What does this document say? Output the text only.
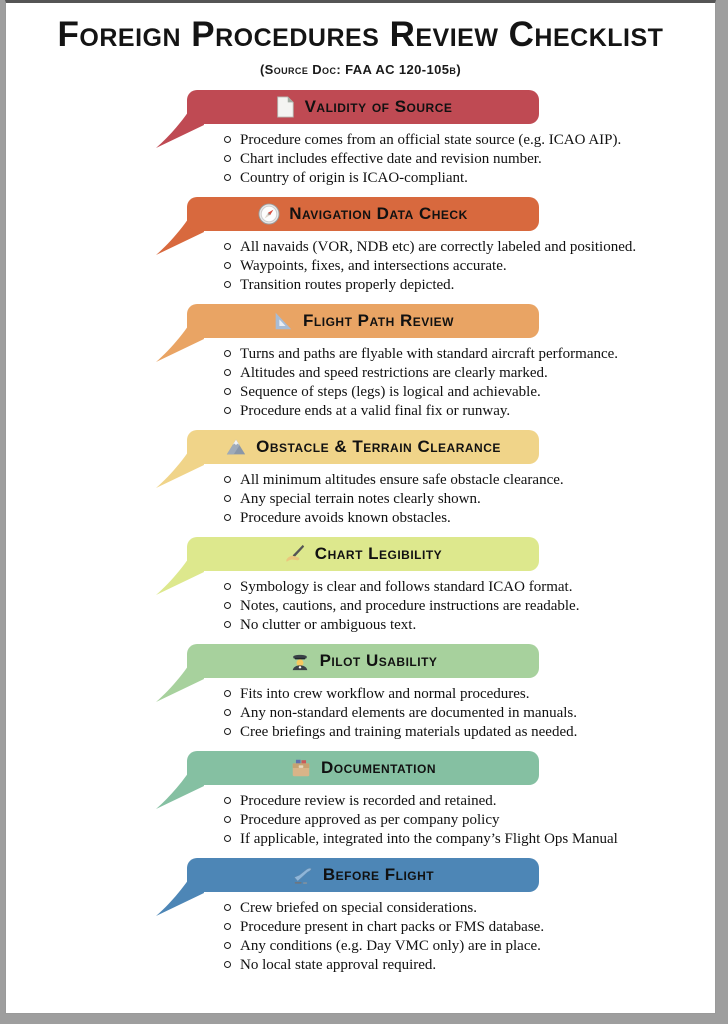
Foreign Procedures Review Checklist
(Source Doc: FAA AC 120-105b)
Validity of Source
Procedure comes from an official state source (e.g. ICAO AIP).
Chart includes effective date and revision number.
Country of origin is ICAO-compliant.
Navigation Data Check
All navaids (VOR, NDB etc) are correctly labeled and positioned.
Waypoints, fixes, and intersections accurate.
Transition routes properly depicted.
Flight Path Review
Turns and paths are flyable with standard aircraft performance.
Altitudes and speed restrictions are clearly marked.
Sequence of steps (legs) is logical and achievable.
Procedure ends at a valid final fix or runway.
Obstacle & Terrain Clearance
All minimum altitudes ensure safe obstacle clearance.
Any special terrain notes clearly shown.
Procedure avoids known obstacles.
Chart Legibility
Symbology is clear and follows standard ICAO format.
Notes, cautions, and procedure instructions are readable.
No clutter or ambiguous text.
Pilot Usability
Fits into crew workflow and normal procedures.
Any non-standard elements are documented in manuals.
Cree briefings and training materials updated as needed.
Documentation
Procedure review is recorded and retained.
Procedure approved as per company policy
If applicable, integrated into the company’s Flight Ops Manual
Before Flight
Crew briefed on special considerations.
Procedure present in chart packs or FMS database.
Any conditions (e.g. Day VMC only) are in place.
No local state approval required.
